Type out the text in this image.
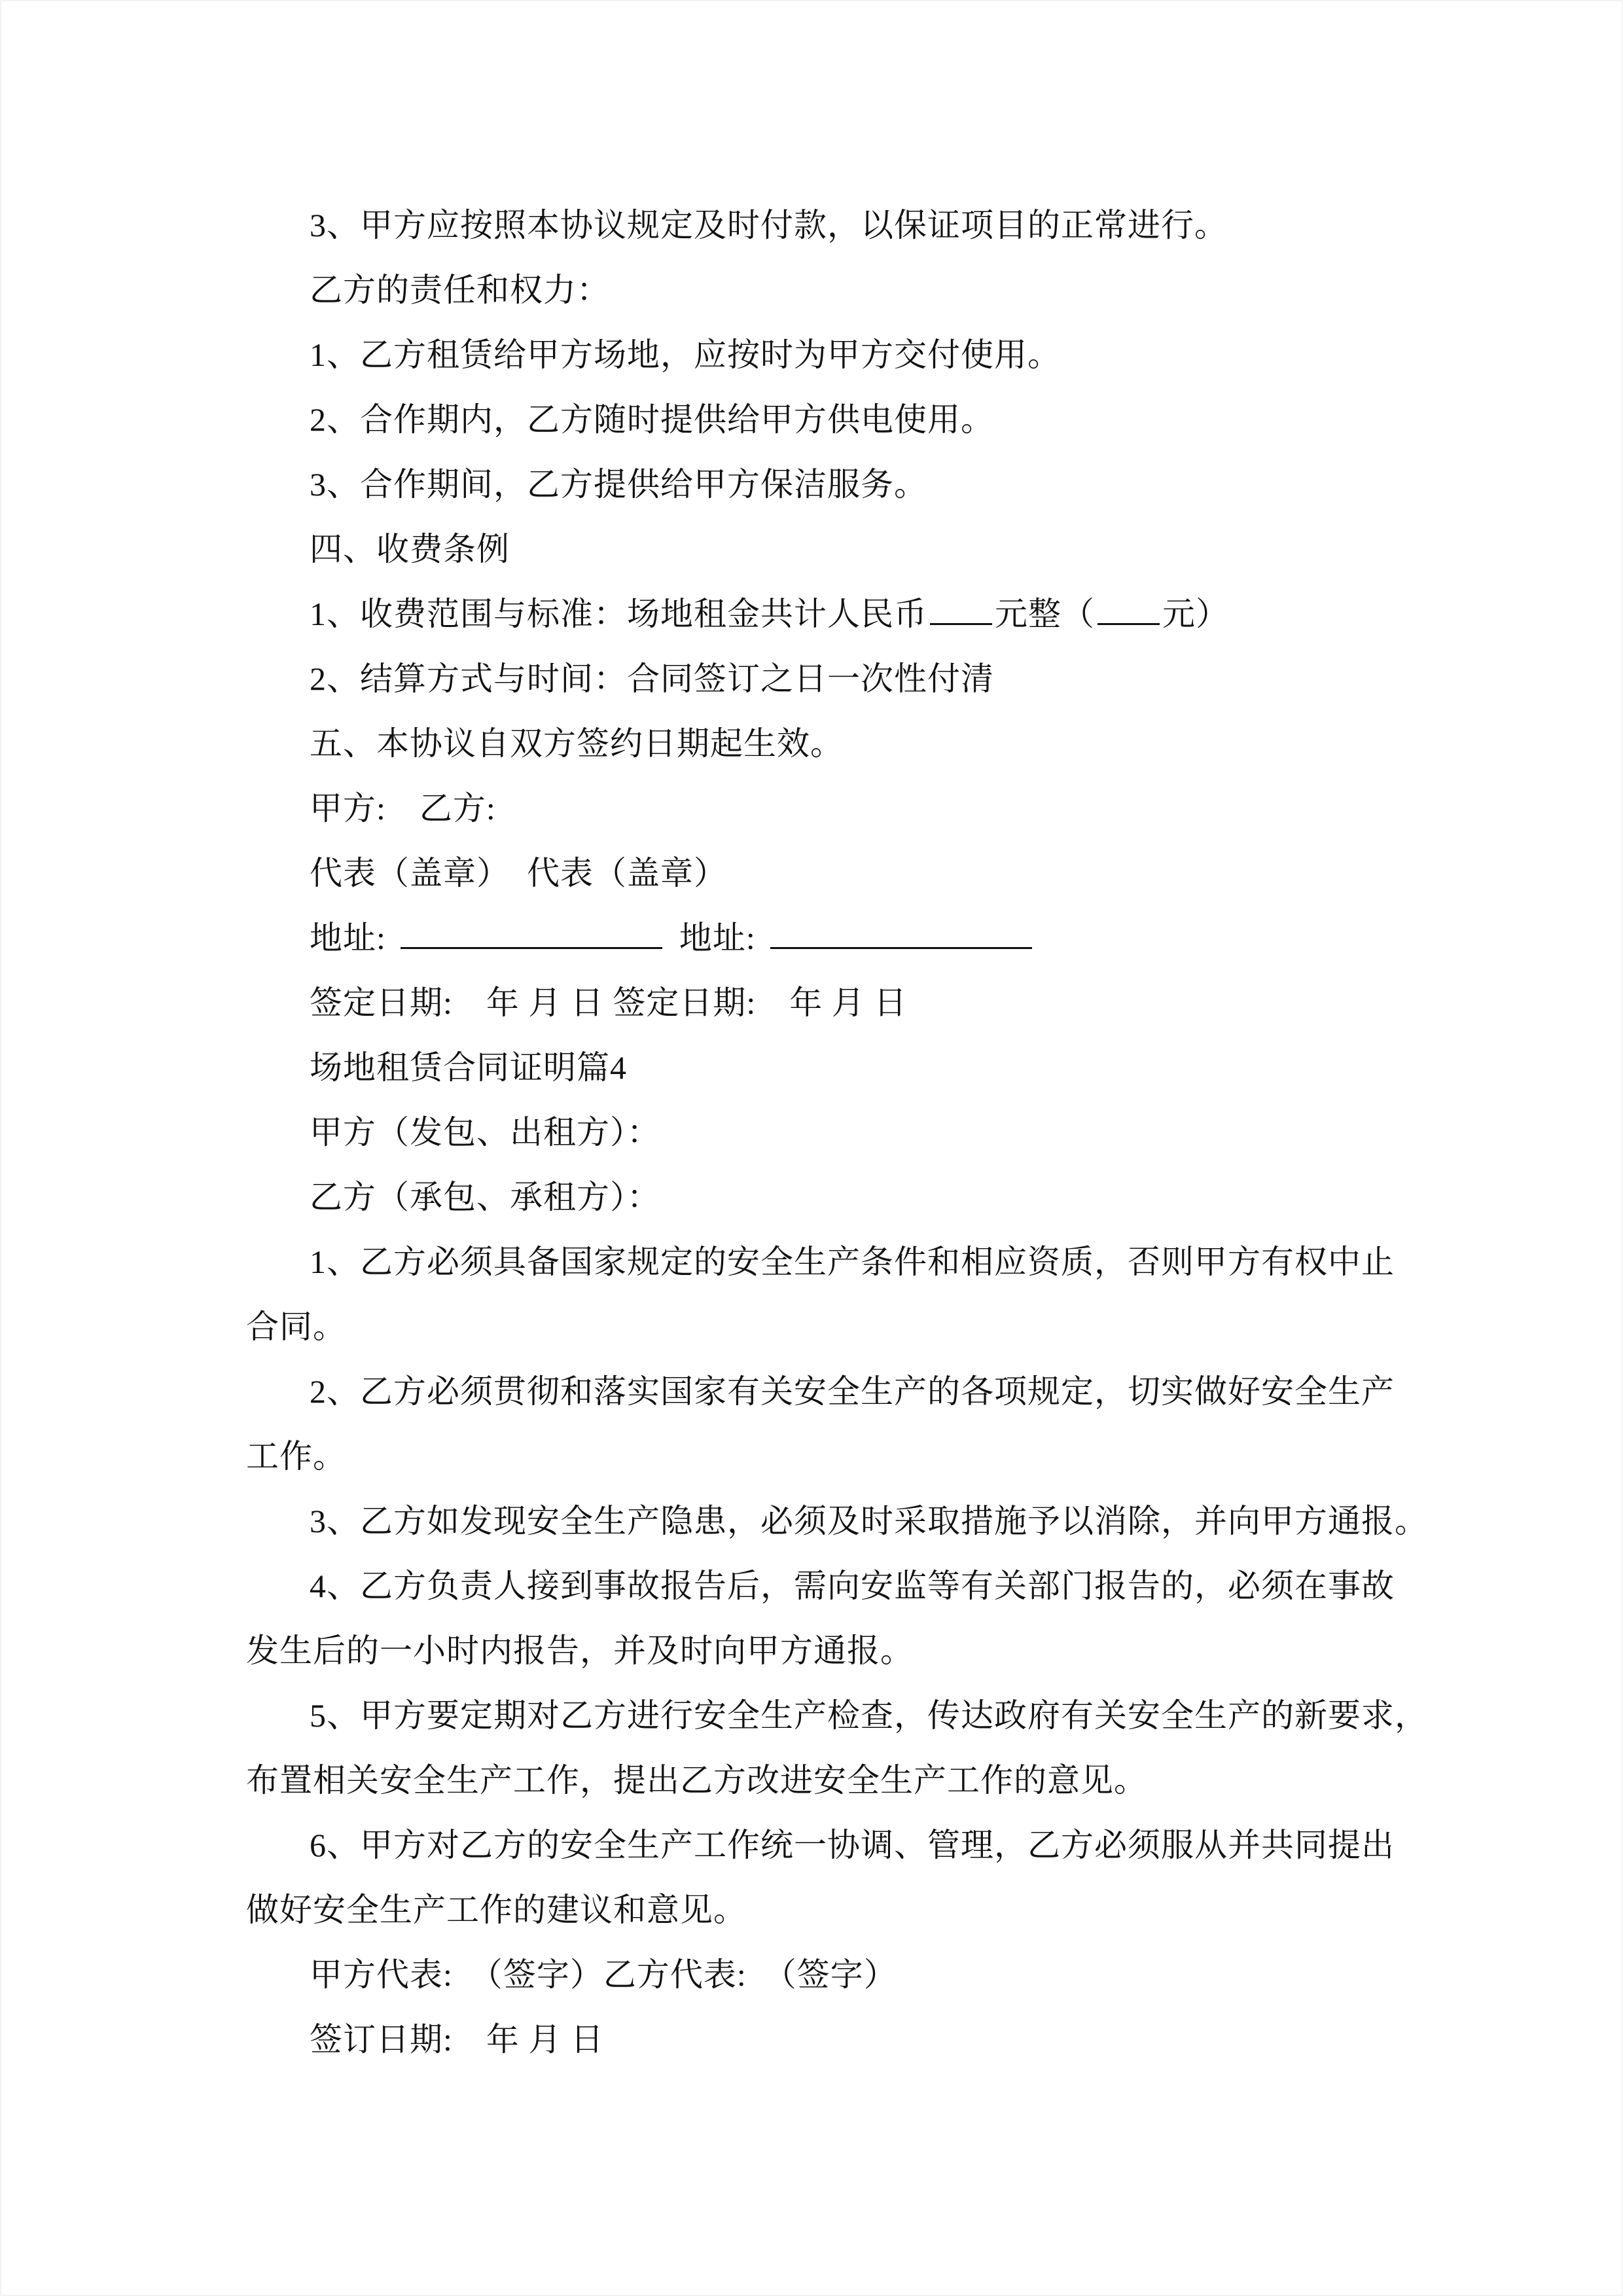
3、甲方应按照本协议规定及时付款，以保证项目的正常进行。
乙方的责任和权力：
1、乙方租赁给甲方场地，应按时为甲方交付使用。
2、合作期内，乙方随时提供给甲方供电使用。
3、合作期间，乙方提供给甲方保洁服务。
四、收费条例
1、收费范围与标准：场地租金共计人民币 元整（ 元）
2、结算方式与时间：合同签订之日一次性付清
五、本协议自双方签约日期起生效。
甲方:　乙方:
代表（盖章）　代表（盖章）
地址:	地址:
签定日期:　年 月 日 签定日期:　年 月 日
场地租赁合同证明篇4
甲方（发包、出租方）：
乙方（承包、承租方）：
1、乙方必须具备国家规定的安全生产条件和相应资质，否则甲方有权中止
合同。
2、乙方必须贯彻和落实国家有关安全生产的各项规定，切实做好安全生产
工作。
3、乙方如发现安全生产隐患，必须及时采取措施予以消除，并向甲方通报。
4、乙方负责人接到事故报告后，需向安监等有关部门报告的，必须在事故
发生后的一小时内报告，并及时向甲方通报。
5、甲方要定期对乙方进行安全生产检查，传达政府有关安全生产的新要求，
布置相关安全生产工作，提出乙方改进安全生产工作的意见。
6、甲方对乙方的安全生产工作统一协调、管理，乙方必须服从并共同提出
做好安全生产工作的建议和意见。
甲方代表:　（签字）乙方代表:　（签字）
签订日期:　年 月 日
